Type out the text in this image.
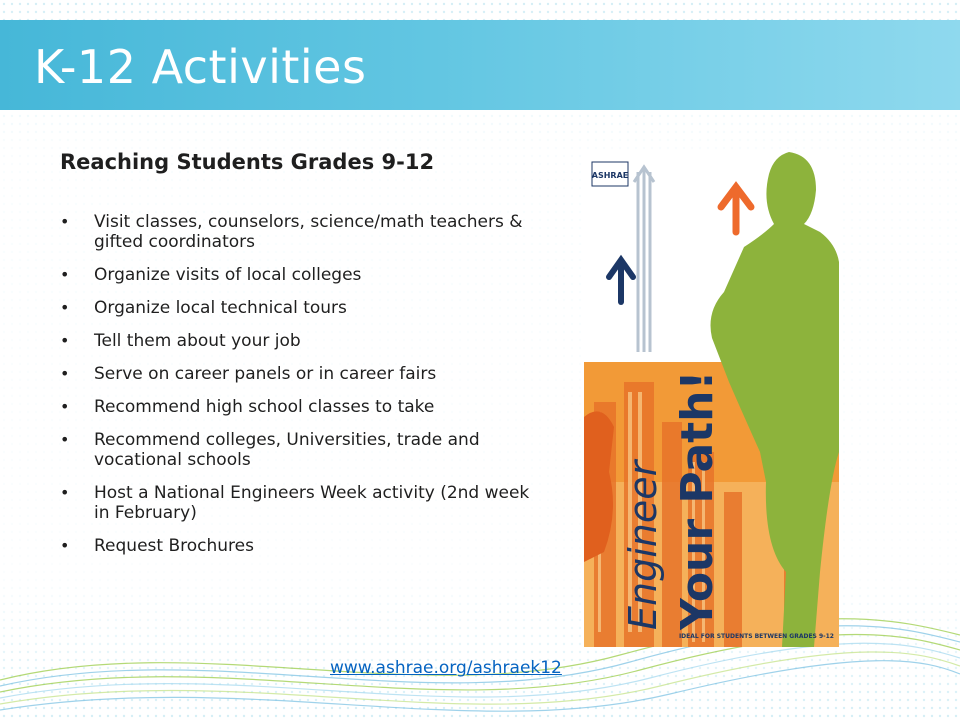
K-12 Activities
Reaching Students Grades 9-12
• Visit classes, counselors, science/math teachers & gifted coordinators
• Organize visits of local colleges
• Organize local technical tours
• Tell them about your job
• Serve on career panels or in career fairs
• Recommend high school classes to take
• Recommend colleges, Universities, trade and vocational schools
• Host a National Engineers Week activity (2nd week in February)
• Request Brochures
ASHRAE
Engineer Your Path!
IDEAL FOR STUDENTS BETWEEN GRADES 9-12
www.ashrae.org/ashraek12
